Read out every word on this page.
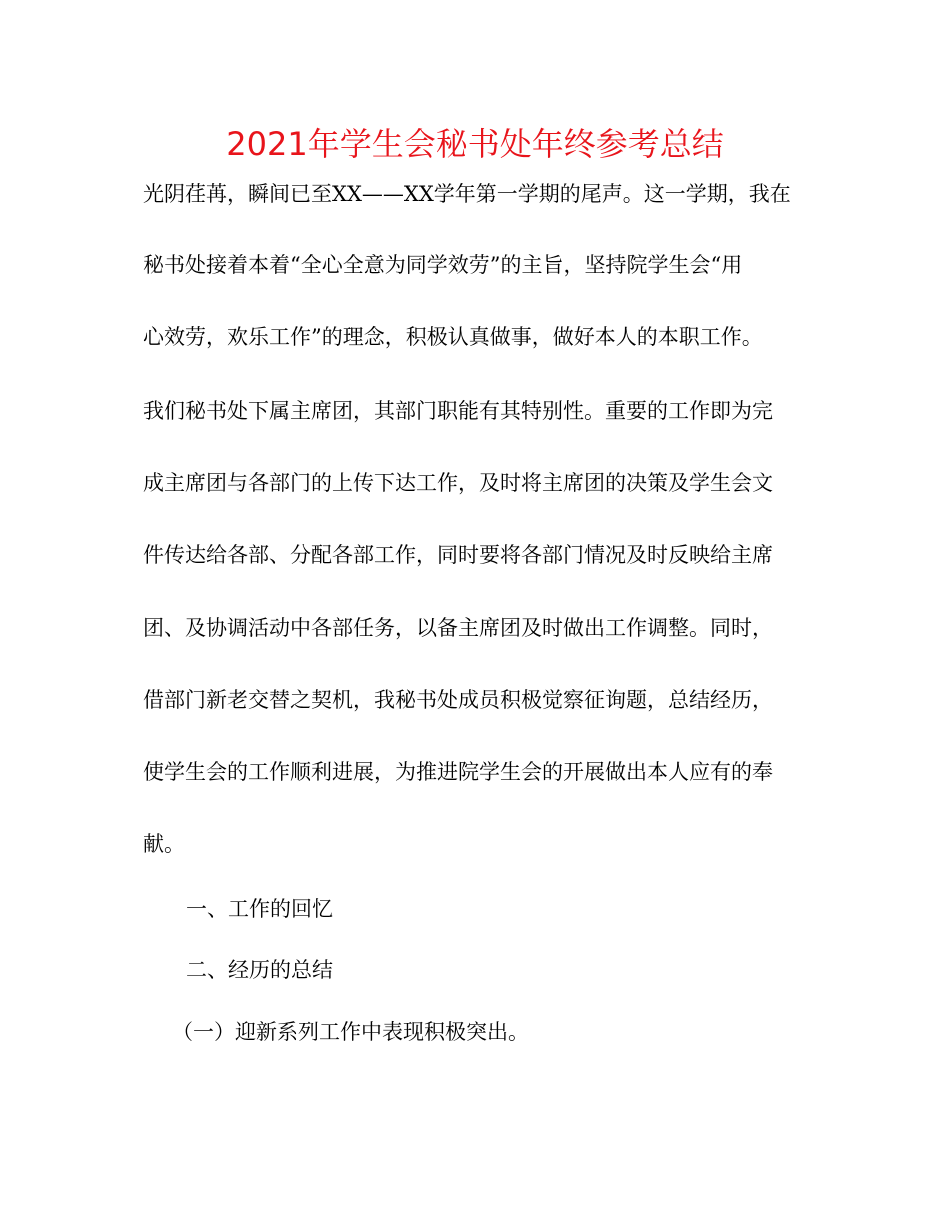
2021年学生会秘书处年终参考总结

光阴荏苒，瞬间已至XX——XX学年第一学期的尾声。这一学期，我在

秘书处接着本着“全心全意为同学效劳”的主旨，坚持院学生会“用

心效劳，欢乐工作”的理念，积极认真做事，做好本人的本职工作。

我们秘书处下属主席团，其部门职能有其特别性。重要的工作即为完

成主席团与各部门的上传下达工作，及时将主席团的决策及学生会文

件传达给各部、分配各部工作，同时要将各部门情况及时反映给主席

团、及协调活动中各部任务，以备主席团及时做出工作调整。同时，

借部门新老交替之契机，我秘书处成员积极觉察征询题，总结经历，

使学生会的工作顺利进展，为推进院学生会的开展做出本人应有的奉

献。

一、工作的回忆

二、经历的总结

（一）迎新系列工作中表现积极突出。
